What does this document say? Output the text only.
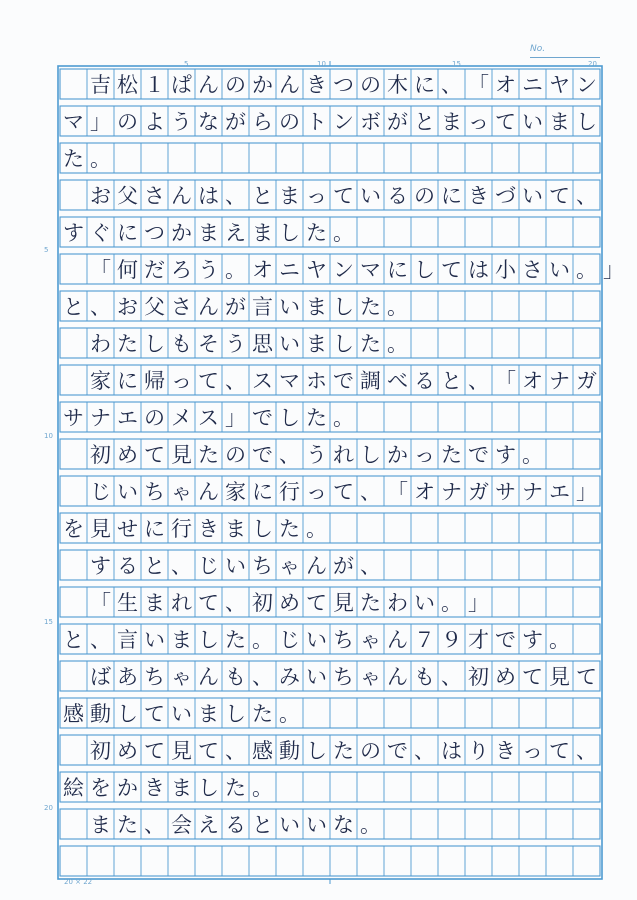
No.
5	10	15	20
5
10
15
20
20 × 22

吉 松 １ ぱ ん の か ん き つ の 木 に 、 「 オ ニ ヤ ン
マ 」 の よ う な が ら の ト ン ボ が と ま っ て い ま し
た 。

お 父 さ ん は 、 と ま っ て い る の に き づ い て 、
す ぐ に つ か ま え ま し た 。

「 何 だ ろ う 。 オ ニ ヤ ン マ に し て は 小 さ い 。 」
と 、 お 父 さ ん が 言 い ま し た 。

わ た し も そ う 思 い ま し た 。

家 に 帰 っ て 、 ス マ ホ で 調 べ る と 、 「 オ ナ ガ
サ ナ エ の メ ス 」 で し た 。

初 め て 見 た の で 、 う れ し か っ た で す 。

じ い ち ゃ ん 家 に 行 っ て 、 「 オ ナ ガ サ ナ エ 」
を 見 せ に 行 き ま し た 。

す る と 、 じ い ち ゃ ん が 、

「 生 ま れ て 、 初 め て 見 た わ い 。 」
と 、 言 い ま し た 。 じ い ち ゃ ん ７ ９ 才 で す 。

ば あ ち ゃ ん も 、 み い ち ゃ ん も 、 初 め て 見 て
感 動 し て い ま し た 。

初 め て 見 て 、 感 動 し た の で 、 は り き っ て 、
絵 を か き ま し た 。

ま た 、 会 え る と い い な 。
